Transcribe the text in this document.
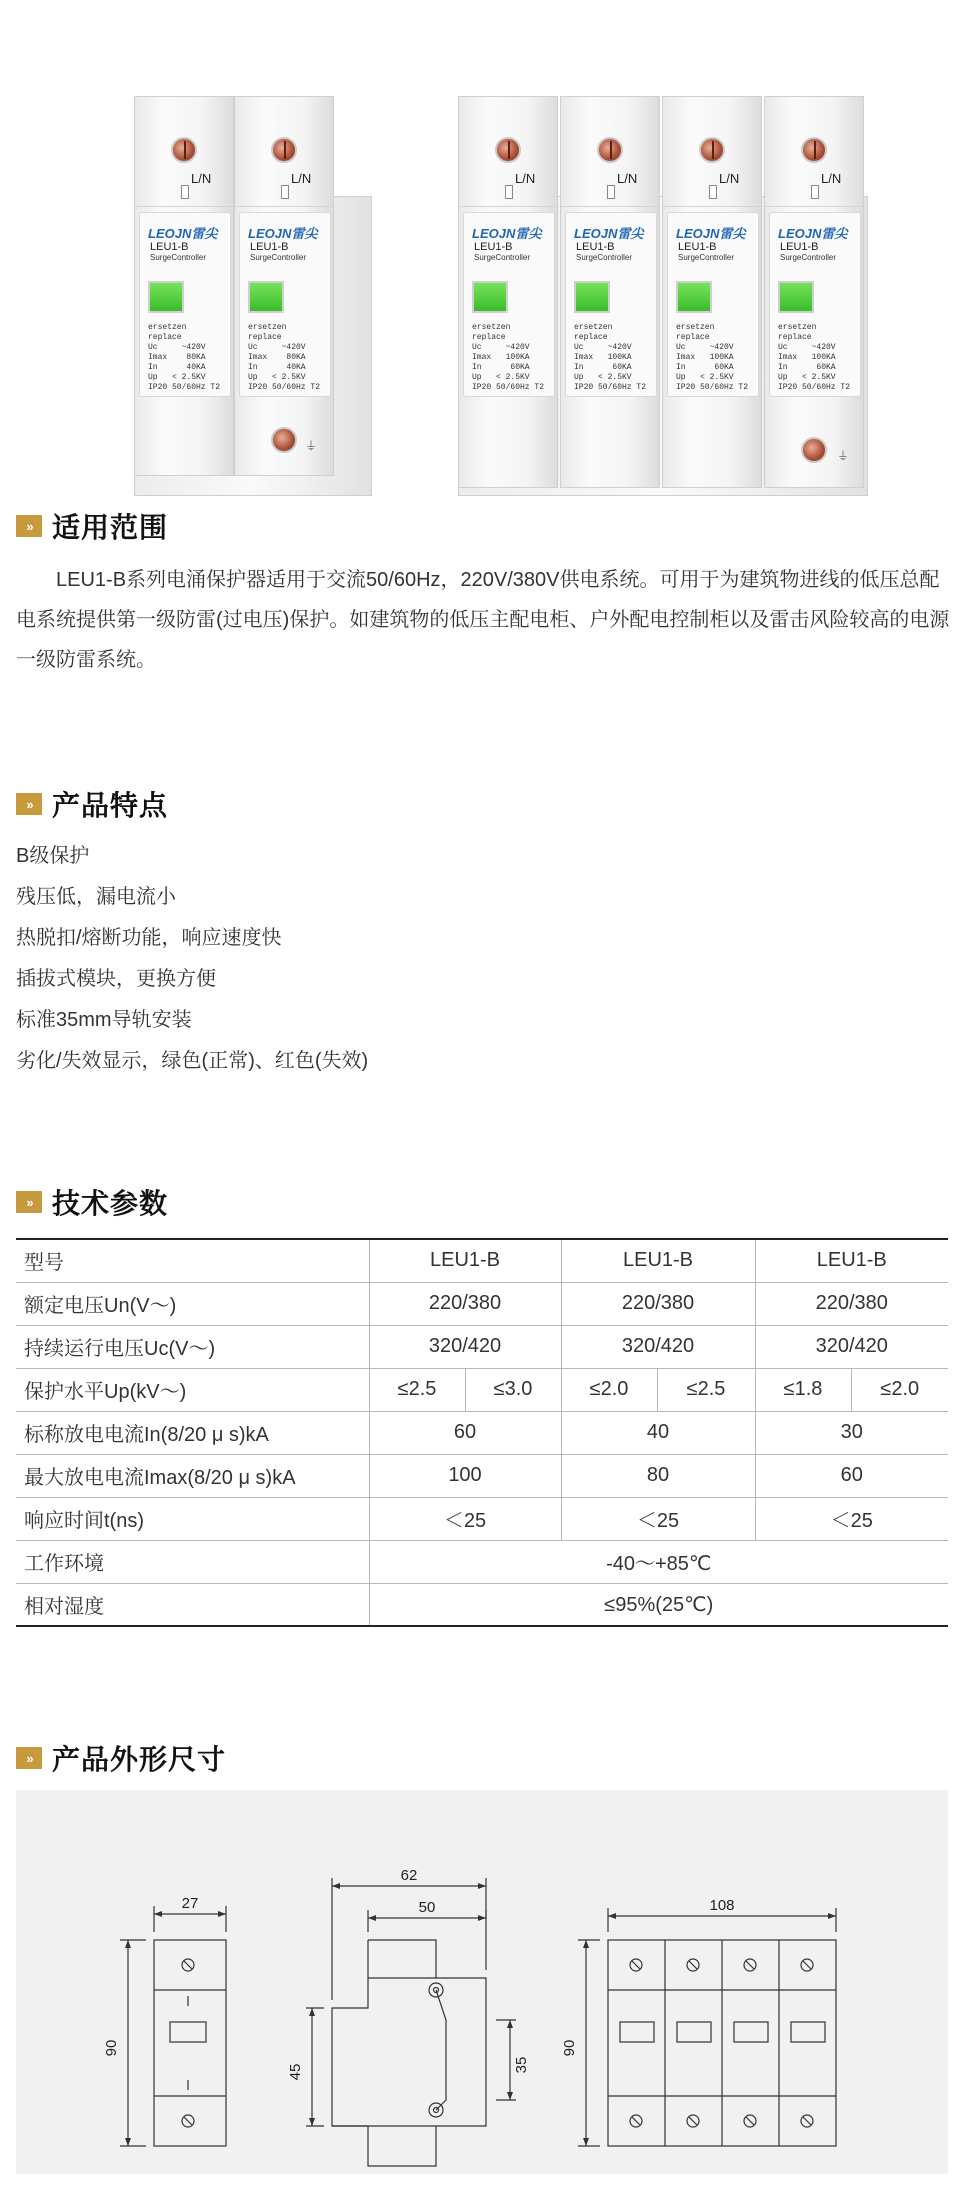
L/N
LEOJN雷尖
LEU1-B
SurgeController
ersetzen
replace
Uc     ~420V
Imax    80KA
In      40KA
Up   < 2.5KV
IP20 50/60Hz T2
L/N
LEOJN雷尖
LEU1-B
SurgeController
ersetzen
replace
Uc     ~420V
Imax    80KA
In      40KA
Up   < 2.5KV
IP20 50/60Hz T2
⏚
L/N
LEOJN雷尖
LEU1-B
SurgeController
ersetzen
replace
Uc     ~420V
Imax   100KA
In      60KA
Up   < 2.5KV
IP20 50/60Hz T2
L/N
LEOJN雷尖
LEU1-B
SurgeController
ersetzen
replace
Uc     ~420V
Imax   100KA
In      60KA
Up   < 2.5KV
IP20 50/60Hz T2
L/N
LEOJN雷尖
LEU1-B
SurgeController
ersetzen
replace
Uc     ~420V
Imax   100KA
In      60KA
Up   < 2.5KV
IP20 50/60Hz T2
L/N
LEOJN雷尖
LEU1-B
SurgeController
ersetzen
replace
Uc     ~420V
Imax   100KA
In      60KA
Up   < 2.5KV
IP20 50/60Hz T2
⏚
» 适用范围

LEU1-B系列电涌保护器适用于交流50/60Hz，220V/380V供电系统。可用于为建筑物进线的低压总配电系统提供第一级防雷(过电压)保护。如建筑物的低压主配电柜、户外配电控制柜以及雷击风险较高的电源一级防雷系统。

» 产品特点
B级保护
残压低，漏电流小
热脱扣/熔断功能，响应速度快
插拔式模块，更换方便
标准35mm导轨安装
劣化/失效显示，绿色(正常)、红色(失效)
» 技术参数
型号	LEU1-B		LEU1-B		LEU1-B	
额定电压Un(V～)	220/380		220/380		220/380	
持续运行电压Uc(V～)	320/420		320/420		320/420	
保护水平Up(kV～)	≤2.5	≤3.0	≤2.0	≤2.5	≤1.8	≤2.0
标称放电电流In(8/20 μ s)kA	60		40		30	
最大放电电流Imax(8/20 μ s)kA	100		80		60	
响应时间t(ns)	＜25		＜25		＜25	
工作环境	-40～+85℃					
相对湿度	≤95%(25℃)					
» 产品外形尺寸
27
90
62
50
45	35
108
90
